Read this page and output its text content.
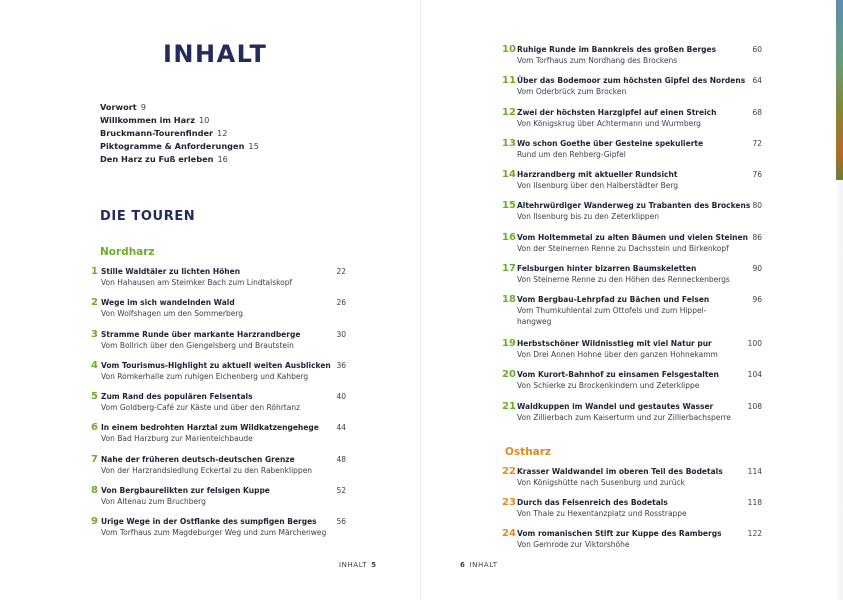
INHALT
Vorwort 9
Willkommen im Harz 10
Bruckmann-Tourenfinder 12
Piktogramme & Anforderungen 15
Den Harz zu Fuß erleben 16
DIE TOUREN
Nordharz
1 Stille Waldtäler zu lichten Höhen
Von Hahausen am Steimker Bach zum Lindtalskopf
22
2 Wege im sich wandelnden Wald
Von Wolfshagen um den Sommerberg
26
3 Stramme Runde über markante Harzrandberge
Vom Bollrich über den Giengelsberg und Brautstein
30
4 Vom Tourismus-Highlight zu aktuell weiten Ausblicken
Von Romkerhalle zum ruhigen Eichenberg und Kahberg
36
5 Zum Rand des populären Felsentals
Vom Goldberg-Café zur Käste und über den Röhrtanz
40
6 In einem bedrohten Harztal zum Wildkatzengehege
Von Bad Harzburg zur Marienteichbaude
44
7 Nahe der früheren deutsch-deutschen Grenze
Von der Harzrandsiedlung Eckertal zu den Rabenklippen
48
8 Von Bergbaurelikten zur felsigen Kuppe
Von Altenau zum Bruchberg
52
9 Urige Wege in der Ostflanke des sumpfigen Berges
Vom Torfhaus zum Magdeburger Weg und zum Märchenweg
56
INHALT 5
10 Ruhige Runde im Bannkreis des großen Berges
Vom Torfhaus zum Nordhang des Brockens
60
11 Über das Bodemoor zum höchsten Gipfel des Nordens
Vom Oderbrück zum Brocken
64
12 Zwei der höchsten Harzgipfel auf einen Streich
Von Königskrug über Achtermann und Wurmberg
68
13 Wo schon Goethe über Gesteine spekulierte
Rund um den Rehberg-Gipfel
72
14 Harzrandberg mit aktueller Rundsicht
Von Ilsenburg über den Halberstädter Berg
76
15 Altehrwürdiger Wanderweg zu Trabanten des Brockens
Von Ilsenburg bis zu den Zeterklippen
80
16 Vom Holtemmetal zu alten Bäumen und vielen Steinen
Von der Steinernen Renne zu Dachsstein und Birkenkopf
86
17 Felsburgen hinter bizarren Baumskeletten
Von Steinerne Renne zu den Höhen des Renneckenbergs
90
18 Vom Bergbau-Lehrpfad zu Bächen und Felsen
Vom Thumkuhlental zum Ottofels und zum Hippel-
hangweg
96
19 Herbstschöner Wildnisstieg mit viel Natur pur
Von Drei Annen Hohne über den ganzen Hohnekamm
100
20 Vom Kurort-Bahnhof zu einsamen Felsgestalten
Von Schierke zu Brockenkindern und Zeterklippe
104
21 Waldkuppen im Wandel und gestautes Wasser
Von Zillierbach zum Kaiserturm und zur Zillierbachsperre
108
22 Krasser Waldwandel im oberen Teil des Bodetals
Von Königshütte nach Susenburg und zurück
114
23 Durch das Felsenreich des Bodetals
Von Thale zu Hexentanzplatz und Rosstrappe
118
24 Vom romanischen Stift zur Kuppe des Rambergs
Von Gernrode zur Viktorshöhe
122
Ostharz
6 INHALT
